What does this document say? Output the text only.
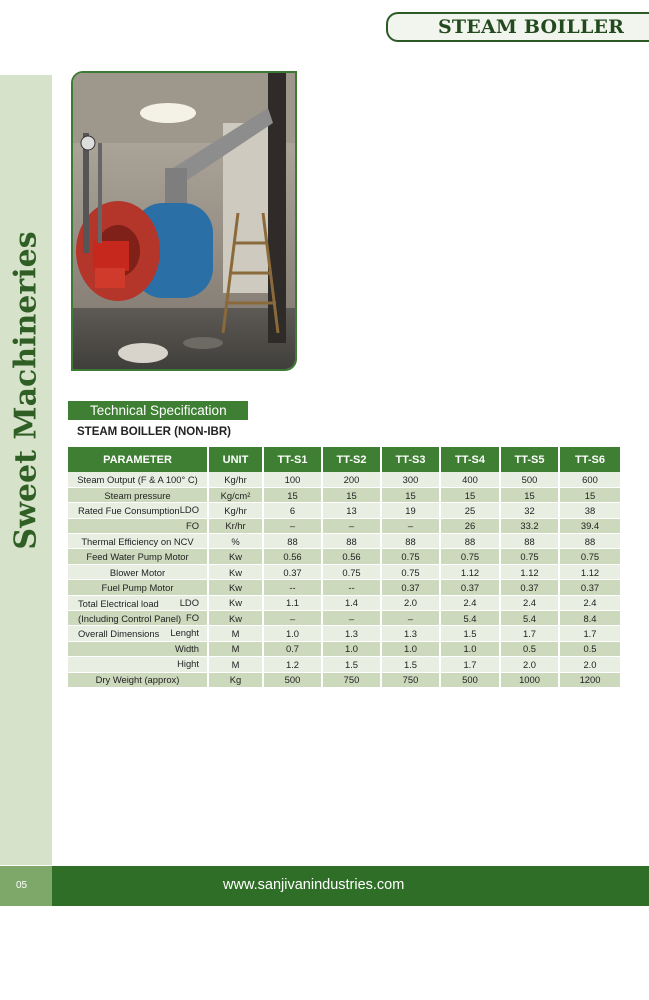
Sweet Machineries
STEAM BOILLER
Technical Specification
STEAM BOILLER (NON-IBR)
PARAMETER	UNIT	TT-S1	TT-S2	TT-S3	TT-S4	TT-S5	TT-S6
Steam Output (F & A 100° C)	Kg/hr	100	200	300	400	500	600
Steam pressure	Kg/cm²	15	15	15	15	15	15

Rated Fue Consumption LDO	Kg/hr	6	13	19	25	32	38

FO	Kr/hr	–	–	–	26	33.2	39.4
Thermal Efficiency on NCV	%	88	88	88	88	88	88
Feed Water Pump Motor	Kw	0.56	0.56	0.75	0.75	0.75	0.75
Blower Motor	Kw	0.37	0.75	0.75	1.12	1.12	1.12
Fuel Pump Motor	Kw	--	--	0.37	0.37	0.37	0.37

Total Electrical load LDO	Kw	1.1	1.4	2.0	2.4	2.4	2.4

(Including Control Panel) FO	Kw	–	–	–	5.4	5.4	8.4

Overall Dimensions Lenght	M	1.0	1.3	1.3	1.5	1.7	1.7

Width	M	0.7	1.0	1.0	1.0	0.5	0.5

Hight	M	1.2	1.5	1.5	1.7	2.0	2.0
Dry Weight (approx)	Kg	500	750	750	500	1000	1200
05	www.sanjivanindustries.com
